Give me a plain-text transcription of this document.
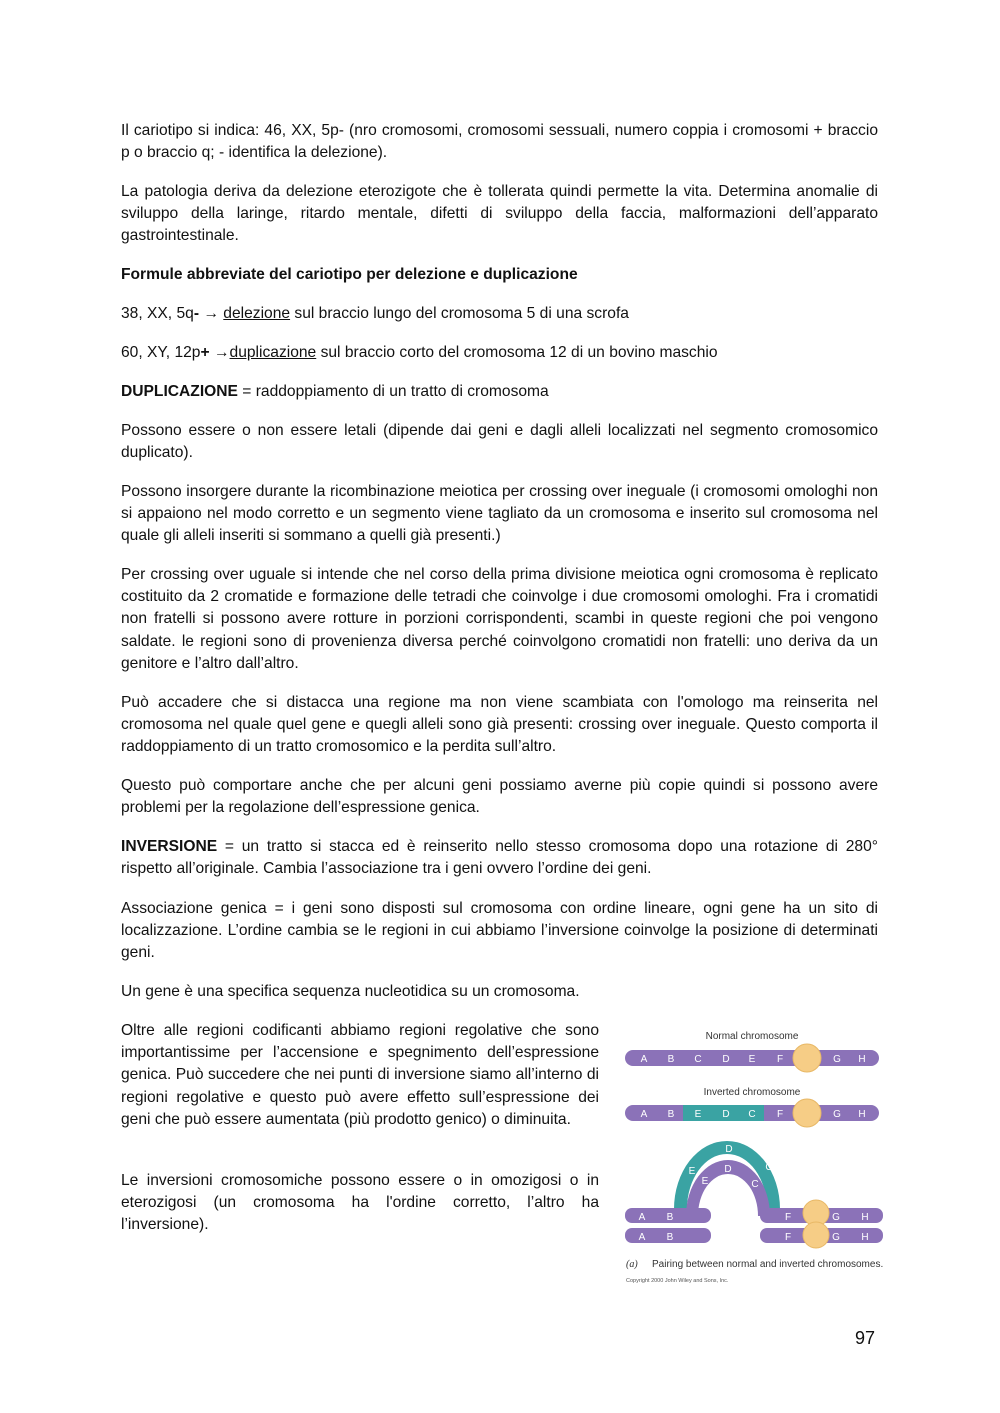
Il cariotipo si indica: 46, XX, 5p- (nro cromosomi, cromosomi sessuali, numero coppia i cromosomi + braccio p o braccio q; - identifica la delezione).

La patologia deriva da delezione eterozigote che è tollerata quindi permette la vita. Determina anomalie di sviluppo della laringe, ritardo mentale, difetti di sviluppo della faccia, malformazioni dell’apparato gastrointestinale.

Formule abbreviate del cariotipo per delezione e duplicazione

38, XX, 5q- → delezione sul braccio lungo del cromosoma 5 di una scrofa

60, XY, 12p+ →duplicazione sul braccio corto del cromosoma 12 di un bovino maschio

DUPLICAZIONE = raddoppiamento di un tratto di cromosoma

Possono essere o non essere letali (dipende dai geni e dagli alleli localizzati nel segmento cromosomico duplicato).

Possono insorgere durante la ricombinazione meiotica per crossing over ineguale (i cromosomi omologhi non si appaiono nel modo corretto e un segmento viene tagliato da un cromosoma e inserito sul cromosoma nel quale gli alleli inseriti si sommano a quelli già presenti.)

Per crossing over uguale si intende che nel corso della prima divisione meiotica ogni cromosoma è replicato costituito da 2 cromatide e formazione delle tetradi che coinvolge i due cromosomi omologhi. Fra i cromatidi non fratelli si possono avere rotture in porzioni corrispondenti, scambi in queste regioni che poi vengono saldate. le regioni sono di provenienza diversa perché coinvolgono cromatidi non fratelli: uno deriva da un genitore e l’altro dall’altro.

Può accadere che si distacca una regione ma non viene scambiata con l'omologo ma reinserita nel cromosoma nel quale quel gene e quegli alleli sono già presenti: crossing over ineguale. Questo comporta il raddoppiamento di un tratto cromosomico e la perdita sull’altro.

Questo può comportare anche che per alcuni geni possiamo averne più copie quindi si possono avere problemi per la regolazione dell’espressione genica.

INVERSIONE = un tratto si stacca ed è reinserito nello stesso cromosoma dopo una rotazione di 280° rispetto all’originale. Cambia l’associazione tra i geni ovvero l’ordine dei geni.

Associazione genica = i geni sono disposti sul cromosoma con ordine lineare, ogni gene ha un sito di localizzazione. L’ordine cambia se le regioni in cui abbiamo l’inversione coinvolge la posizione di determinati geni.

Un gene è una specifica sequenza nucleotidica su un cromosoma.

Oltre alle regioni codificanti abbiamo regioni regolative che sono importantissime per l’accensione e spegnimento dell’espressione genica. Può succedere che nei punti di inversione siamo all’interno di regioni regolative e questo può avere effetto sull’espressione dei geni che può essere aumentata (più prodotto genico) o diminuita.

Le inversioni cromosomiche possono essere o in omozigosi o in eterozigosi (un cromosoma ha l'ordine corretto, l’altro ha l’inversione).

Normal chromosome
A B C D E F	G H
Inverted chromosome
A B E D C F	G H
E
D
C
E
D
C
A B	F	G H
A B	F	G H
(a) Pairing between normal and inverted chromosomes.
Copyright 2000 John Wiley and Sons, Inc.
97
